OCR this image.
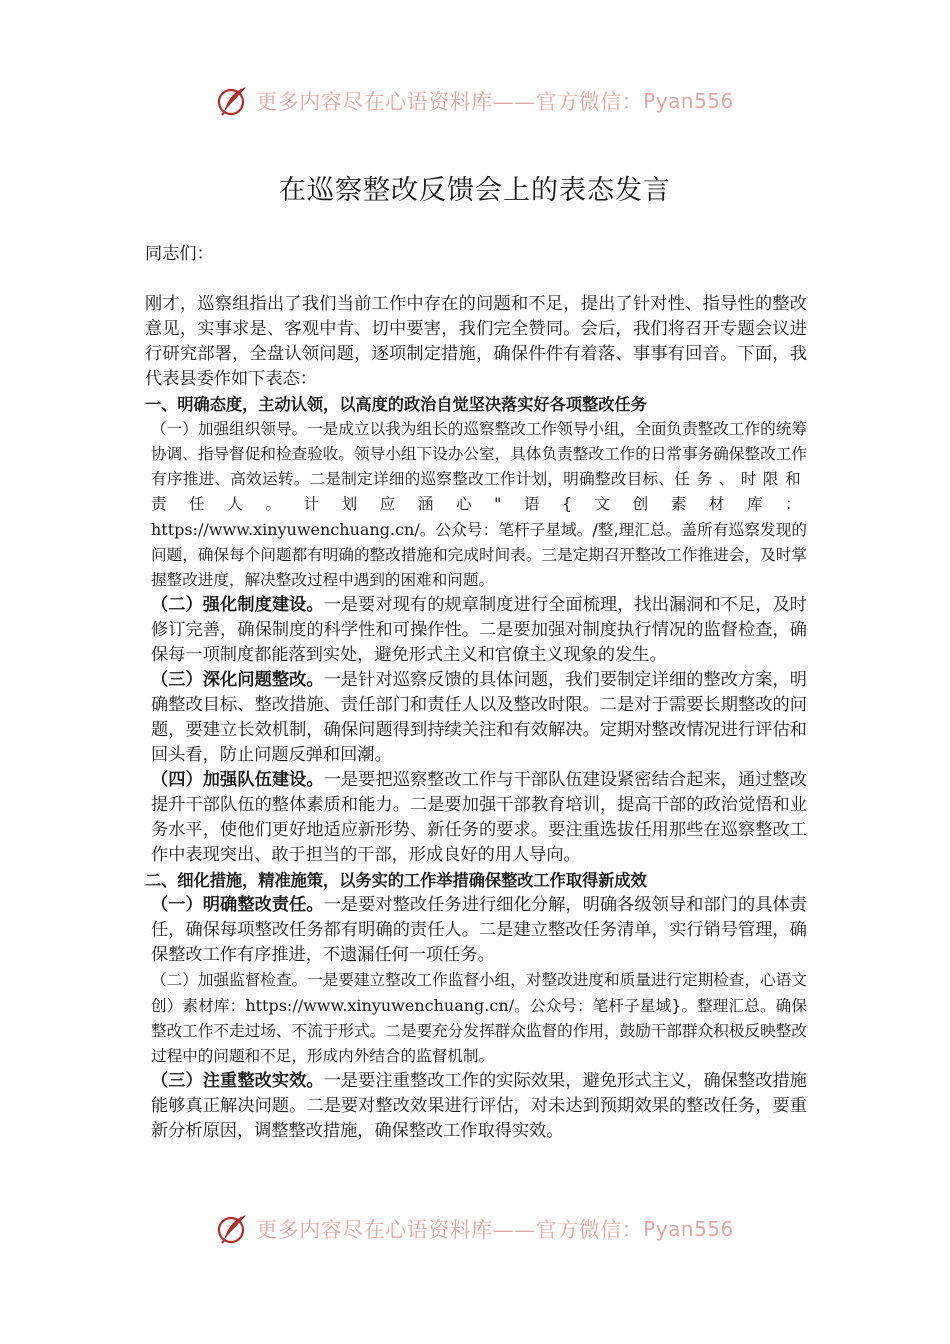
更多内容尽在心语资料库——官方微信： Pyan556
在巡察整改反馈会上的表态发言

同志们：

刚才，巡察组指出了我们当前工作中存在的问题和不足，提出了针对性、指导性的整改意见，实事求是、客观中肯、切中要害，我们完全赞同。会后，我们将召开专题会议进行研究部署，全盘认领问题，逐项制定措施，确保件件有着落、事事有回音。下面，我代表县委作如下表态：

一、明确态度，主动认领，以高度的政治自觉坚决落实好各项整改任务

（一）加强组织领导。一是成立以我为组长的巡察整改工作领导小组，全面负责整改工作的统筹协调、指导督促和检查验收。领导小组下设办公室，具体负责整改工作的日常事务确保整改工作有序推进、高效运转。二是制定详细的巡察整改工作计划，明确整改目标、任务、时限和责任人。计划应涵心"语{文创素材库： https://www.xinyuwenchuang.cn/。公众号：笔杆子星域。/整,理汇总。盖所有巡察发现的问题，确保每个问题都有明确的整改措施和完成时间表。三是定期召开整改工作推进会，及时掌握整改进度，解决整改过程中遇到的困难和问题。

（二）强化制度建设。一是要对现有的规章制度进行全面梳理，找出漏洞和不足，及时修订完善，确保制度的科学性和可操作性。二是要加强对制度执行情况的监督检查，确保每一项制度都能落到实处，避免形式主义和官僚主义现象的发生。

（三）深化问题整改。一是针对巡察反馈的具体问题，我们要制定详细的整改方案，明确整改目标、整改措施、责任部门和责任人以及整改时限。二是对于需要长期整改的问题，要建立长效机制，确保问题得到持续关注和有效解决。定期对整改情况进行评估和回头看，防止问题反弹和回潮。

（四）加强队伍建设。一是要把巡察整改工作与干部队伍建设紧密结合起来，通过整改提升干部队伍的整体素质和能力。二是要加强干部教育培训，提高干部的政治觉悟和业务水平，使他们更好地适应新形势、新任务的要求。要注重选拔任用那些在巡察整改工作中表现突出、敢于担当的干部，形成良好的用人导向。

二、细化措施，精准施策，以务实的工作举措确保整改工作取得新成效

（一）明确整改责任。一是要对整改任务进行细化分解，明确各级领导和部门的具体责任，确保每项整改任务都有明确的责任人。二是建立整改任务清单，实行销号管理，确保整改工作有序推进，不遗漏任何一项任务。

（二）加强监督检查。一是要建立整改工作监督小组，对整改进度和质量进行定期检查，心语文创）素材库：https://www.xinyuwenchuang.cn/。公众号：笔杆子星域}。整理汇总。确保整改工作不走过场、不流于形式。二是要充分发挥群众监督的作用，鼓励干部群众积极反映整改过程中的问题和不足，形成内外结合的监督机制。

（三）注重整改实效。一是要注重整改工作的实际效果，避免形式主义，确保整改措施能够真正解决问题。二是要对整改效果进行评估，对未达到预期效果的整改任务，要重新分析原因，调整整改措施，确保整改工作取得实效。

更多内容尽在心语资料库——官方微信： Pyan556
